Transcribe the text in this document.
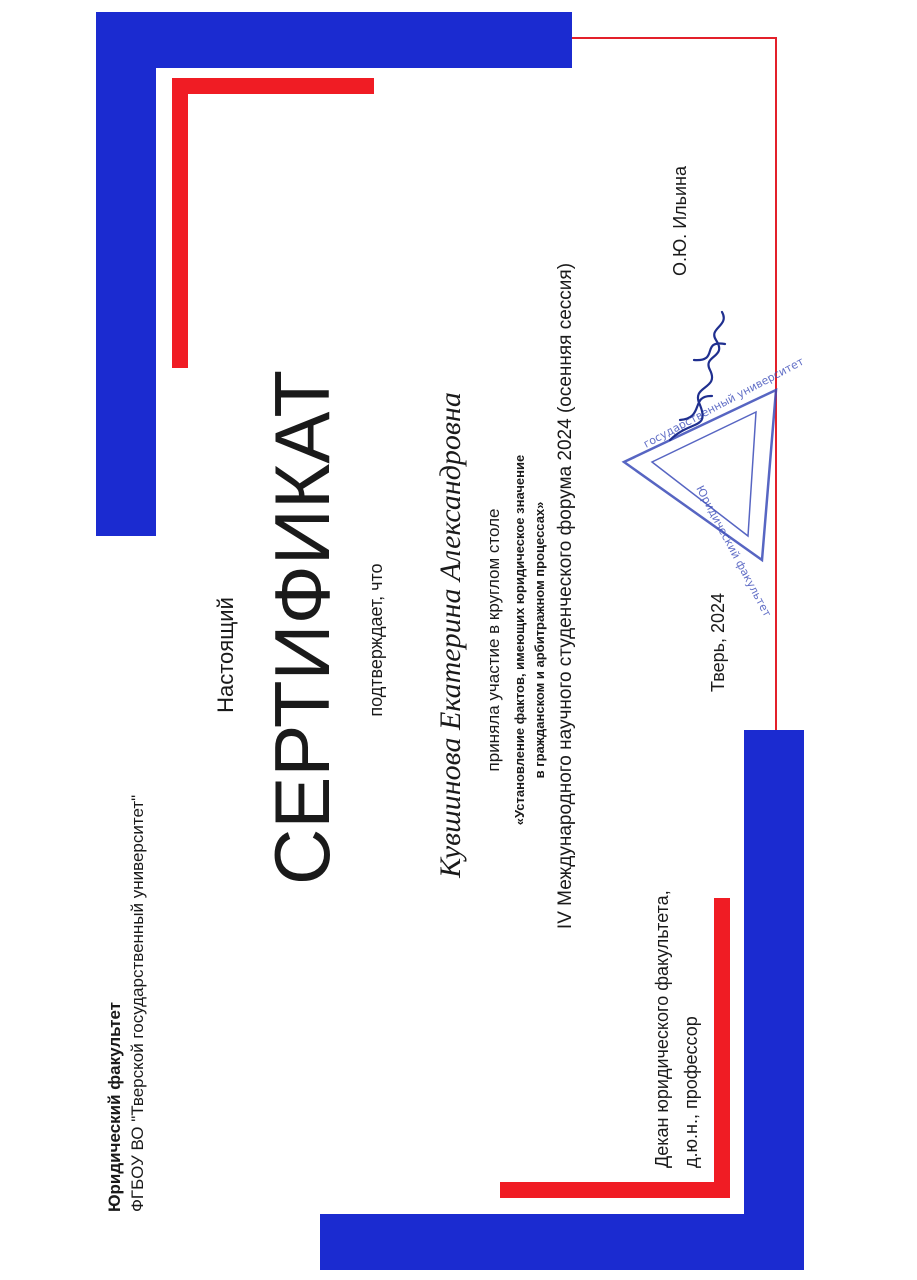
Юридический факультет ФГБОУ ВО "Тверской государственный университет"
Настоящий СЕРТИФИКАТ подтверждает, что Кувшинова Екатерина Александровна приняла участие в круглом столе «Установление фактов, имеющих юридическое значение в гражданском и арбитражном процессах» IV Международного научного студенческого форума 2024 (осенняя сессия)
Декан юридического факультета, д.ю.н., профессор
Тверь, 2024
О.Ю. Ильина
государственный университет
Юридический факультет
